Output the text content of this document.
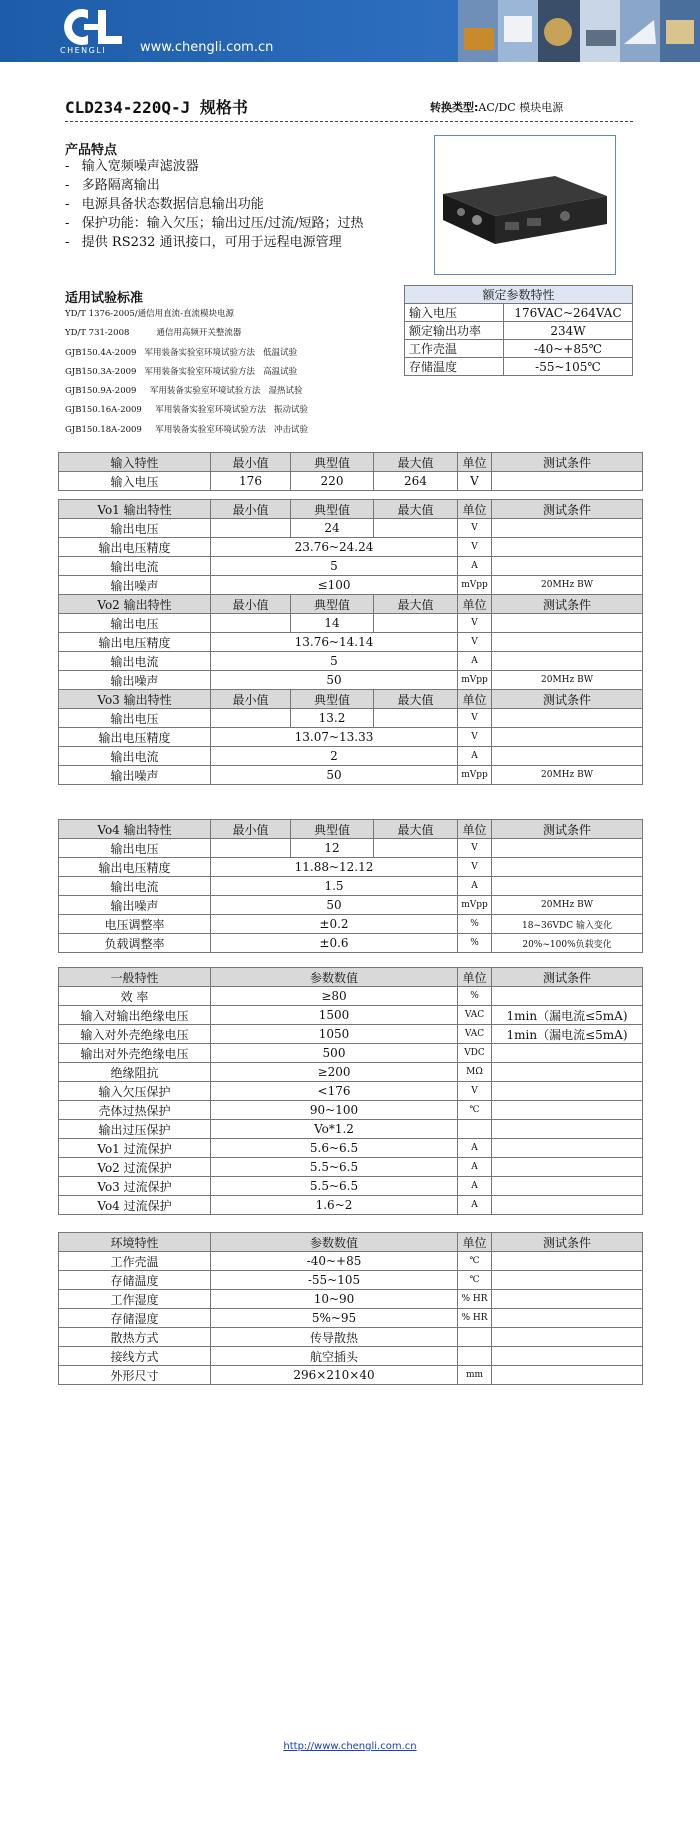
CHENGLI	www.chengli.com.cn
CLD234-220Q-J 规格书	转换类型:AC/DC 模块电源
产品特点
-   输入宽频噪声滤波器
-   多路隔离输出
-   电源具备状态数据信息输出功能
-   保护功能：输入欠压；输出过压/过流/短路；过热
-   提供 RS232 通讯接口，可用于远程电源管理
适用试验标准
YD/T 1376-2005/通信用直流-直流模块电源
YD/T 731-2008          通信用高频开关整流器
GJB150.4A-2009   军用装备实验室环境试验方法   低温试验
GJB150.3A-2009   军用装备实验室环境试验方法   高温试验
GJB150.9A-2009     军用装备实验室环境试验方法   湿热试验
GJB150.16A-2009     军用装备实验室环境试验方法   振动试验
GJB150.18A-2009     军用装备实验室环境试验方法   冲击试验
额定参数特性	
输入电压	176VAC~264VAC
额定输出功率	234W
工作壳温	-40~+85℃
存储温度	-55~105℃
输入特性	最小值	典型值	最大值	单位	测试条件
输入电压	176	220	264	V	
Vo1 输出特性	最小值	典型值	最大值	单位	测试条件
输出电压		24		V	
输出电压精度	23.76~24.24			V	
输出电流	5			A	
输出噪声	≤100			mVpp	20MHz BW
Vo2 输出特性	最小值	典型值	最大值	单位	测试条件
输出电压		14		V	
输出电压精度	13.76~14.14			V	
输出电流	5			A	
输出噪声	50			mVpp	20MHz BW
Vo3 输出特性	最小值	典型值	最大值	单位	测试条件
输出电压		13.2		V	
输出电压精度	13.07~13.33			V	
输出电流	2			A	
输出噪声	50			mVpp	20MHz BW
Vo4 输出特性	最小值	典型值	最大值	单位	测试条件
输出电压		12		V	
输出电压精度	11.88~12.12			V	
输出电流	1.5			A	
输出噪声	50			mVpp	20MHz BW
电压调整率	±0.2			%	18~36VDC 输入变化
负载调整率	±0.6			%	20%~100%负载变化
一般特性	参数数值	单位	测试条件
效 率	≥80	%	
输入对输出绝缘电压	1500	VAC	1min（漏电流≤5mA)
输入对外壳绝缘电压	1050	VAC	1min（漏电流≤5mA)
输出对外壳绝缘电压	500	VDC	
绝缘阻抗	≥200	MΩ	
输入欠压保护	<176	V	
壳体过热保护	90~100	℃	
输出过压保护	Vo*1.2		
Vo1 过流保护	5.6~6.5	A	
Vo2 过流保护	5.5~6.5	A	
Vo3 过流保护	5.5~6.5	A	
Vo4 过流保护	1.6~2	A	
环境特性	参数数值	单位	测试条件
工作壳温	-40~+85	℃	
存储温度	-55~105	℃	
工作湿度	10~90	% HR	
存储湿度	5%~95	% HR	
散热方式	传导散热		
接线方式	航空插头		
外形尺寸	296×210×40	mm	
http://www.chengli.com.cn
